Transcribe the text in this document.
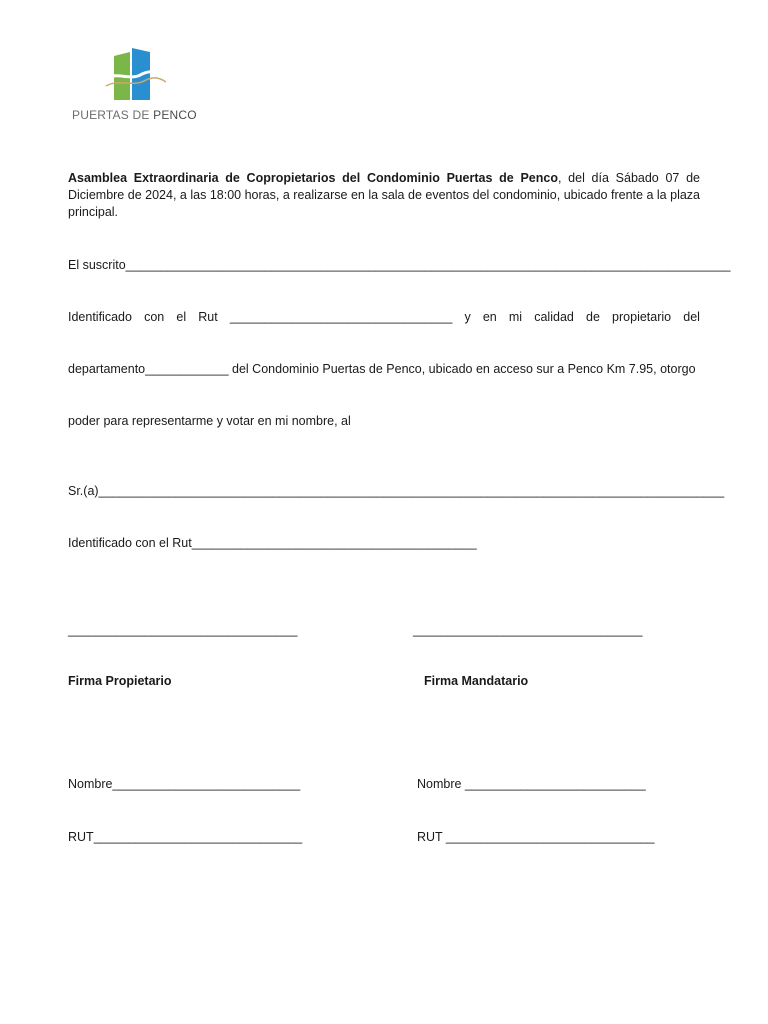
PUERTAS DE PENCO
Asamblea Extraordinaria de Copropietarios del Condominio Puertas de Penco, del día Sábado 07 de Diciembre de 2024, a las 18:00 horas, a realizarse en la sala de eventos del condominio, ubicado frente a la plaza principal.
El suscrito_______________________________________________________________________________________
Identificado con el Rut ________________________________ y en mi calidad de propietario del
departamento____________ del Condominio Puertas de Penco, ubicado en acceso sur a Penco Km 7.95, otorgo
poder para representarme y votar en mi nombre, al
Sr.(a)__________________________________________________________________________________________
Identificado con el Rut_________________________________________
_________________________________	_________________________________
Firma Propietario	Firma Mandatario
Nombre___________________________	Nombre __________________________
RUT______________________________	RUT ______________________________
